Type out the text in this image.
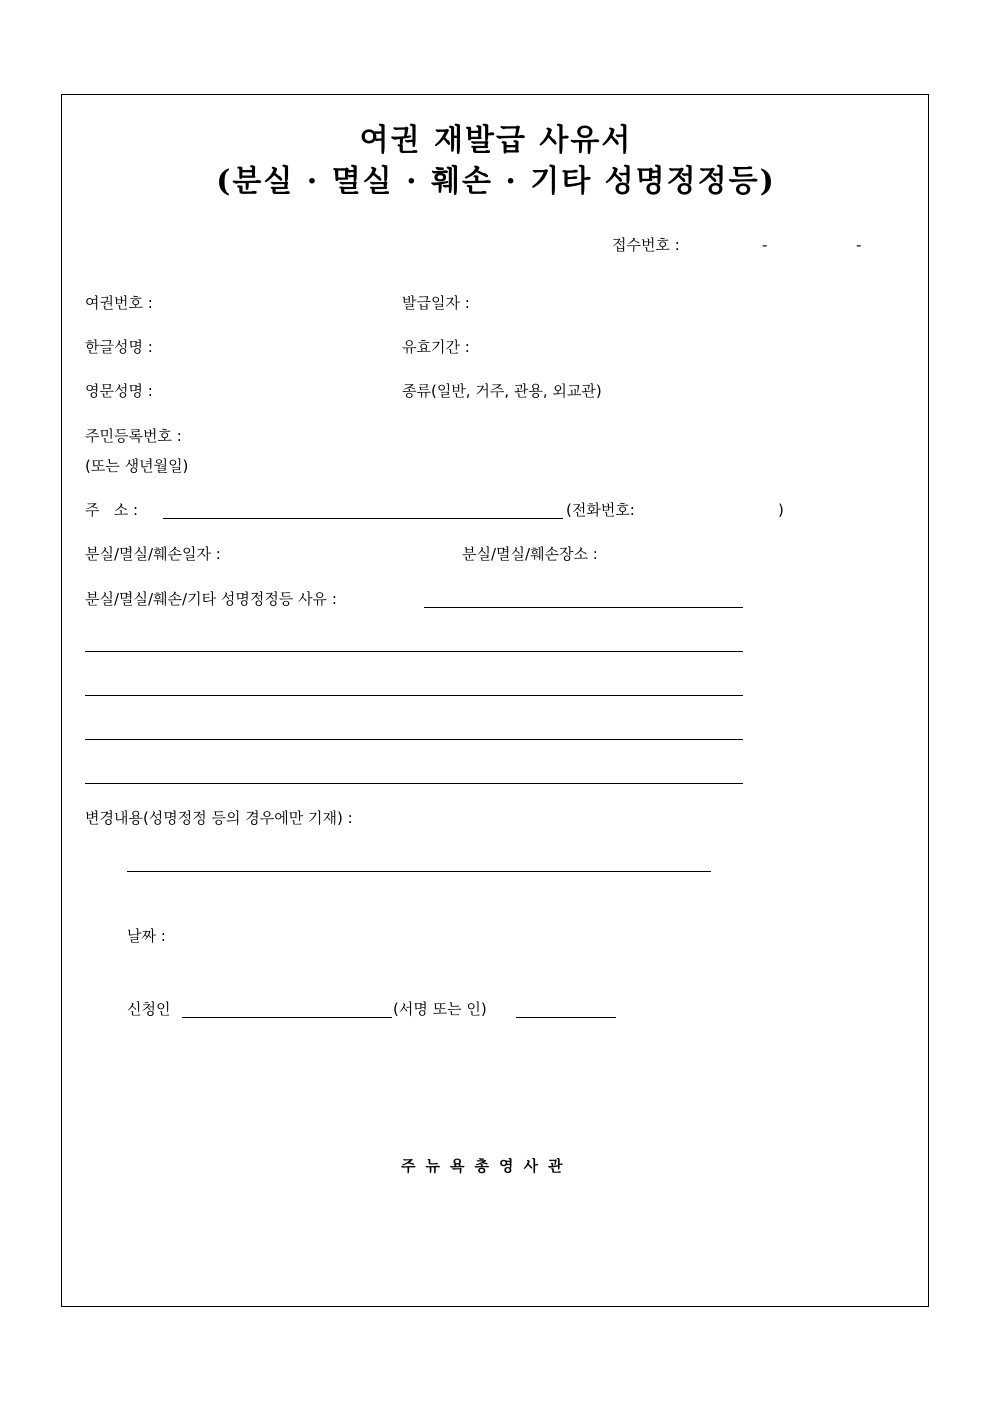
여권 재발급 사유서
(분실 · 멸실 · 훼손 · 기타 성명정정등)
접수번호 :	-	-
여권번호 :	발급일자 :
한글성명 :	유효기간 :
영문성명 :	종류(일반, 거주, 관용, 외교관)
주민등록번호 :
(또는 생년월일)
주   소 :	(전화번호:	)
분실/멸실/훼손일자 :	분실/멸실/훼손장소 :
분실/멸실/훼손/기타 성명정정등 사유 :
변경내용(성명정정 등의 경우에만 기재) :
날짜 :
신청인	(서명 또는 인)
주뉴욕총영사관
